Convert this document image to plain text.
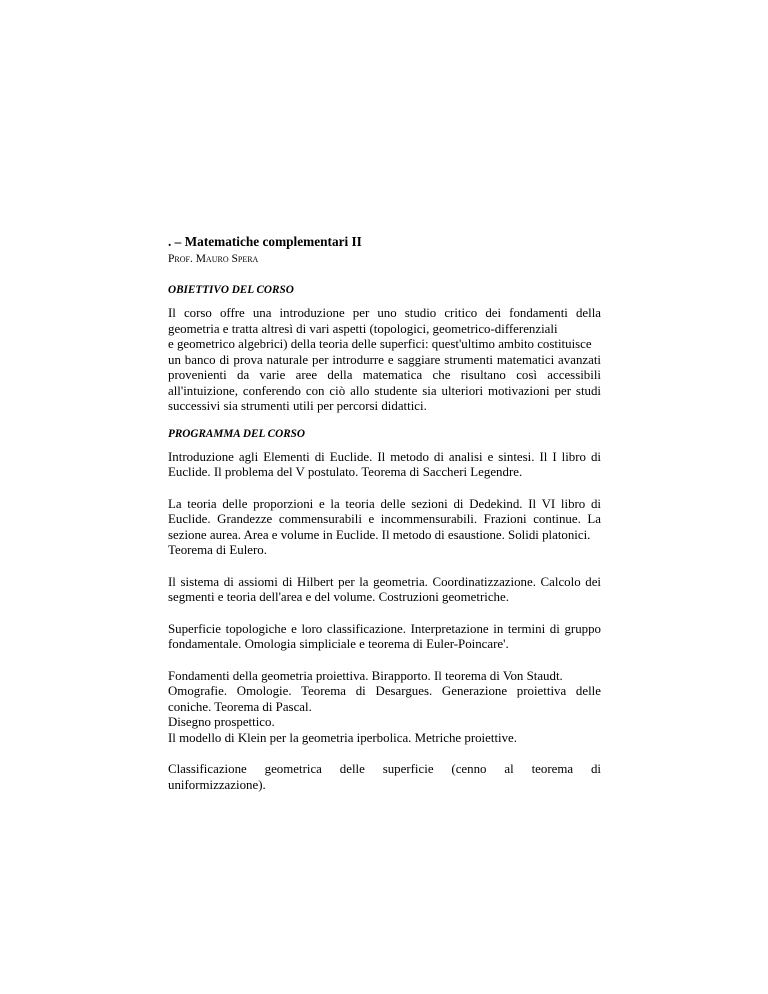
. – Matematiche complementari II

Prof. Mauro Spera

OBIETTIVO DEL CORSO

Il corso offre una introduzione per uno studio critico dei fondamenti della
geometria e tratta altresì di vari aspetti (topologici, geometrico-differenziali
e geometrico algebrici) della teoria delle superfici: quest'ultimo ambito costituisce
un banco di prova naturale per introdurre e saggiare strumenti matematici avanzati
provenienti da varie aree della matematica che risultano così accessibili
all'intuizione, conferendo con ciò allo studente sia ulteriori motivazioni per studi
successivi sia strumenti utili per percorsi didattici.

PROGRAMMA DEL CORSO

Introduzione agli Elementi di Euclide. Il metodo di analisi e sintesi. Il I libro di
Euclide. Il problema del V postulato. Teorema di Saccheri Legendre.
La teoria delle proporzioni e la teoria delle sezioni di Dedekind. Il VI libro di
Euclide. Grandezze commensurabili e incommensurabili. Frazioni continue. La
sezione aurea. Area e volume in Euclide. Il metodo di esaustione. Solidi platonici.
Teorema di Eulero.
Il sistema di assiomi di Hilbert per la geometria. Coordinatizzazione. Calcolo dei
segmenti e teoria dell'area e del volume. Costruzioni geometriche.
Superficie topologiche e loro classificazione. Interpretazione in termini di gruppo
fondamentale. Omologia simpliciale e teorema di Euler-Poincare'.
Fondamenti della geometria proiettiva. Birapporto. Il teorema di Von Staudt.
Omografie. Omologie. Teorema di Desargues. Generazione proiettiva delle
coniche. Teorema di Pascal.
Disegno prospettico.
Il modello di Klein per la geometria iperbolica. Metriche proiettive.
Classificazione geometrica delle superficie (cenno al teorema di
uniformizzazione).
